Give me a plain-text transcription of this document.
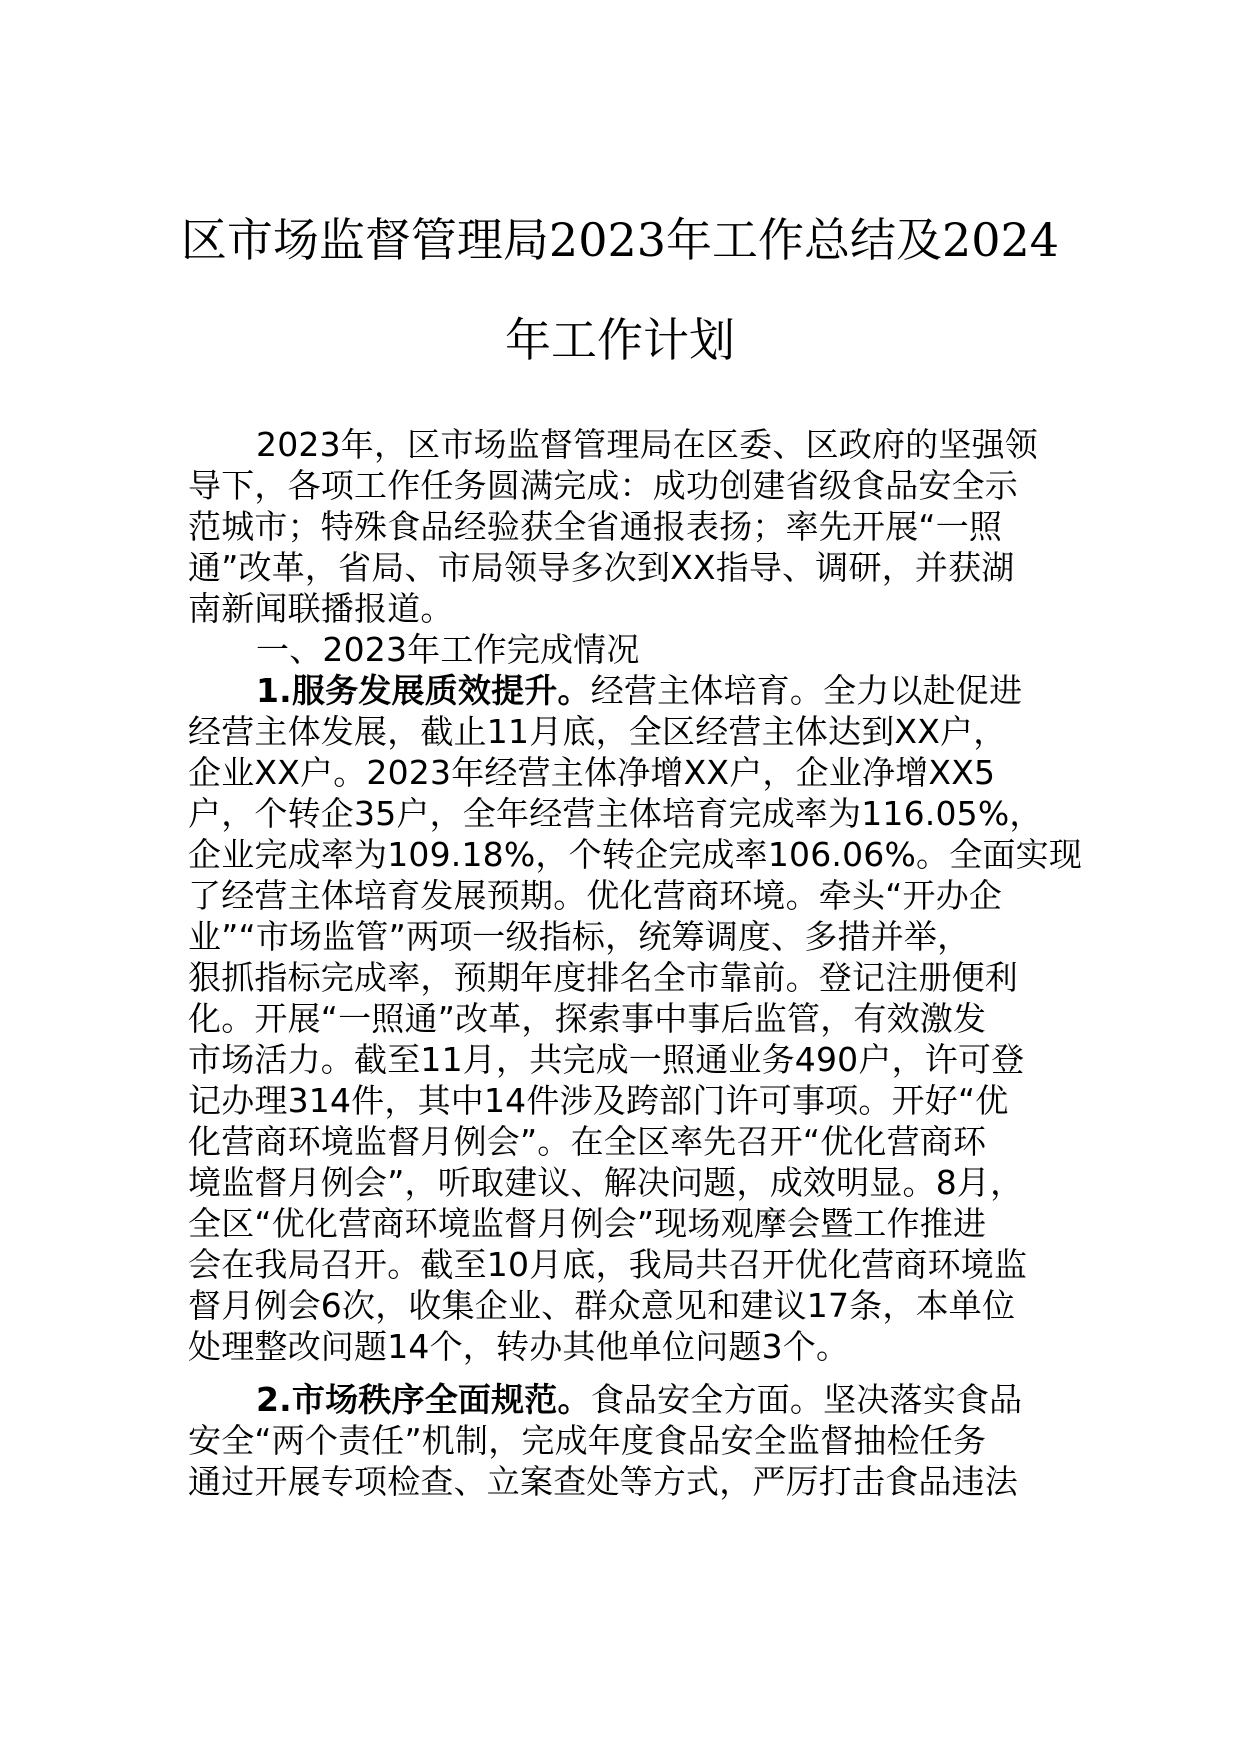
区市场监督管理局2023年工作总结及2024
年工作计划
2023年，区市场监督管理局在区委、区政府的坚强领
导下，各项工作任务圆满完成：成功创建省级食品安全示
范城市；特殊食品经验获全省通报表扬；率先开展“一照
通”改革，省局、市局领导多次到XX指导、调研，并获湖
南新闻联播报道。
一、2023年工作完成情况
1.服务发展质效提升。经营主体培育。全力以赴促进
经营主体发展，截止11月底，全区经营主体达到XX户，
企业XX户。2023年经营主体净增XX户，企业净增XX5
户，个转企35户，全年经营主体培育完成率为116.05%，
企业完成率为109.18%，个转企完成率106.06%。全面实现
了经营主体培育发展预期。优化营商环境。牵头“开办企
业”“市场监管”两项一级指标，统筹调度、多措并举，
狠抓指标完成率，预期年度排名全市靠前。登记注册便利
化。开展“一照通”改革，探索事中事后监管，有效激发
市场活力。截至11月，共完成一照通业务490户，许可登
记办理314件，其中14件涉及跨部门许可事项。开好“优
化营商环境监督月例会”。在全区率先召开“优化营商环
境监督月例会”，听取建议、解决问题，成效明显。8月，
全区“优化营商环境监督月例会”现场观摩会暨工作推进
会在我局召开。截至10月底，我局共召开优化营商环境监
督月例会6次，收集企业、群众意见和建议17条，本单位
处理整改问题14个，转办其他单位问题3个。
2.市场秩序全面规范。食品安全方面。坚决落实食品
安全“两个责任”机制，完成年度食品安全监督抽检任务
通过开展专项检查、立案查处等方式，严厉打击食品违法
